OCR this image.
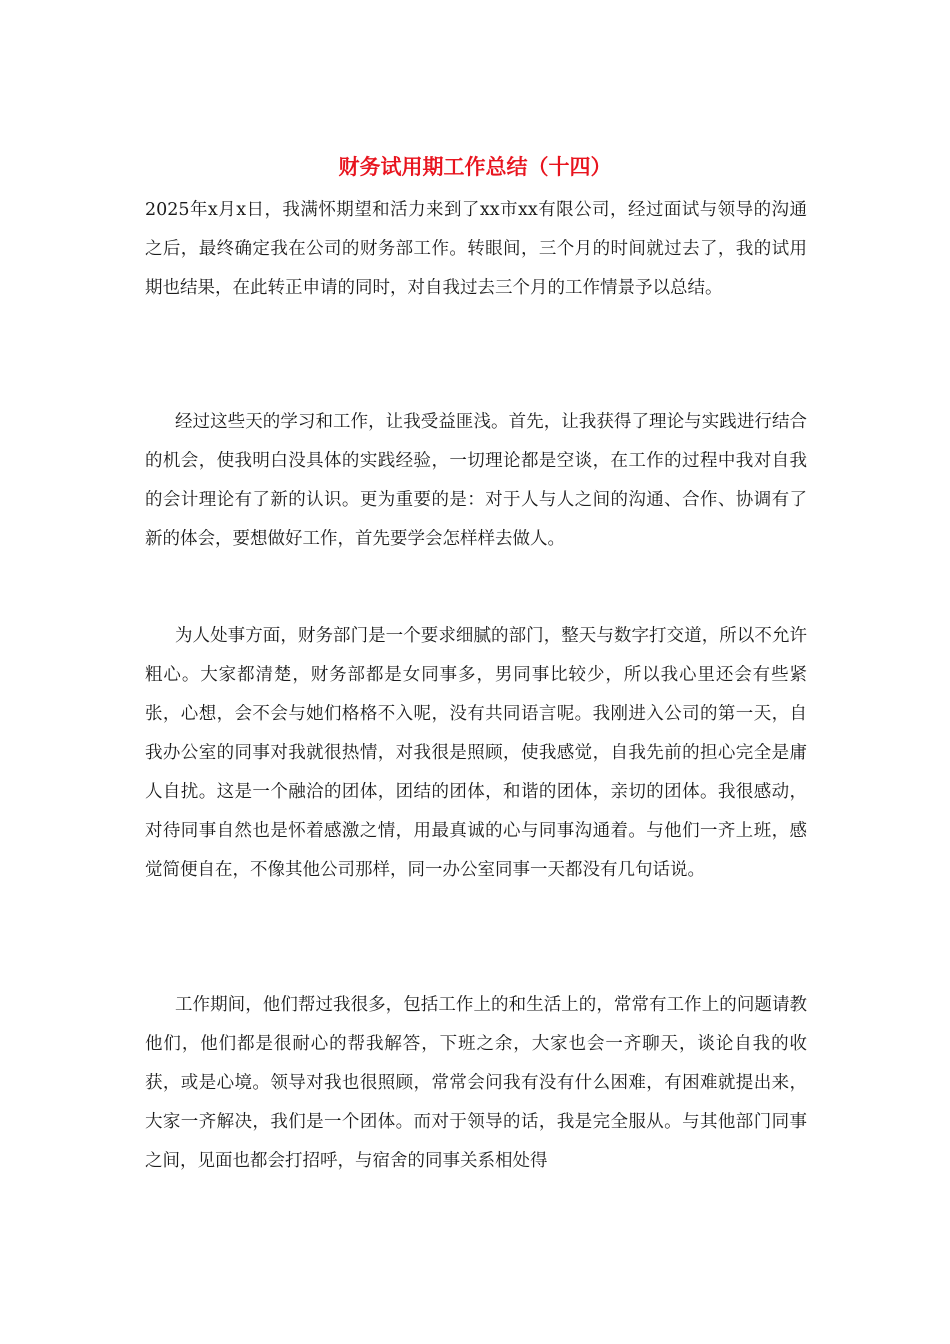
财务试用期工作总结（十四）

2025年x月x日，我满怀期望和活力来到了xx市xx有限公司，经过面试与领导的沟通之后，最终确定我在公司的财务部工作。转眼间，三个月的时间就过去了，我的试用期也结果，在此转正申请的同时，对自我过去三个月的工作情景予以总结。

经过这些天的学习和工作，让我受益匪浅。首先，让我获得了理论与实践进行结合的机会，使我明白没具体的实践经验，一切理论都是空谈，在工作的过程中我对自我的会计理论有了新的认识。更为重要的是：对于人与人之间的沟通、合作、协调有了新的体会，要想做好工作，首先要学会怎样样去做人。

为人处事方面，财务部门是一个要求细腻的部门，整天与数字打交道，所以不允许粗心。大家都清楚，财务部都是女同事多，男同事比较少，所以我心里还会有些紧张，心想，会不会与她们格格不入呢，没有共同语言呢。我刚进入公司的第一天，自我办公室的同事对我就很热情，对我很是照顾，使我感觉，自我先前的担心完全是庸人自扰。这是一个融洽的团体，团结的团体，和谐的团体，亲切的团体。我很感动，对待同事自然也是怀着感激之情，用最真诚的心与同事沟通着。与他们一齐上班，感觉简便自在，不像其他公司那样，同一办公室同事一天都没有几句话说。

工作期间，他们帮过我很多，包括工作上的和生活上的，常常有工作上的问题请教他们，他们都是很耐心的帮我解答，下班之余，大家也会一齐聊天，谈论自我的收获，或是心境。领导对我也很照顾，常常会问我有没有什么困难，有困难就提出来，大家一齐解决，我们是一个团体。而对于领导的话，我是完全服从。与其他部门同事之间，见面也都会打招呼，与宿舍的同事关系相处得
